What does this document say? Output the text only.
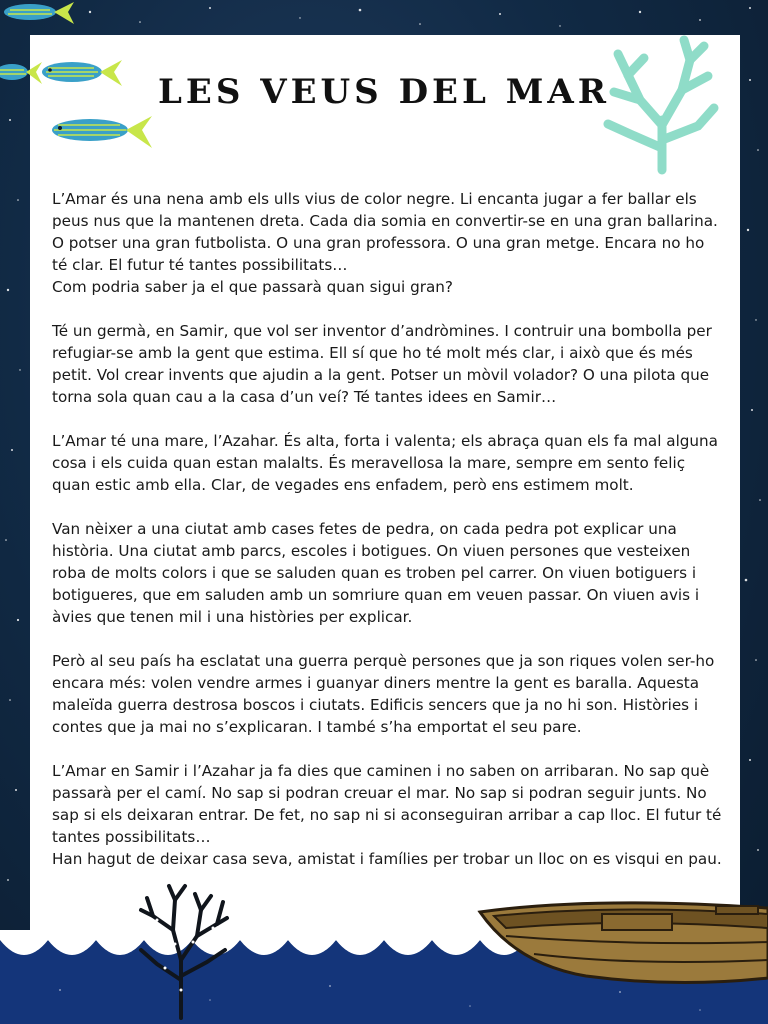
LES VEUS DEL MAR

L’Amar és una nena amb els ulls vius de color negre. Li encanta jugar a fer ballar els peus nus que la mantenen dreta. Cada dia somia en convertir-se en una gran ballarina. O potser una gran futbolista. O una gran professora. O una gran metge. Encara no ho té clar. El futur té tantes possibilitats…
Com podria saber ja el que passarà quan sigui gran?

Té un germà, en Samir, que vol ser inventor d’andròmines. I contruir una bombolla per refugiar-se amb la gent que estima. Ell sí que ho té molt més clar, i això que és més petit. Vol crear invents que ajudin a la gent. Potser un mòvil volador? O una pilota que torna sola quan cau a la casa d’un veí? Té tantes idees en Samir…

L’Amar té una mare, l’Azahar. És alta, forta i valenta; els abraça quan els fa mal alguna cosa i els cuida quan estan malalts. És meravellosa la mare, sempre em sento feliç quan estic amb ella. Clar, de vegades ens enfadem, però ens estimem molt.

Van nèixer a una ciutat amb cases fetes de pedra, on cada pedra pot explicar una història. Una ciutat amb parcs, escoles i botigues. On viuen persones que vesteixen roba de molts colors i que se saluden quan es troben pel carrer. On viuen botiguers i botigueres, que em saluden amb un somriure quan em veuen passar. On viuen avis i àvies que tenen mil i una històries per explicar.

Però al seu país ha esclatat una guerra perquè persones que ja son riques volen ser-ho encara més: volen vendre armes i guanyar diners mentre la gent es baralla. Aquesta maleïda guerra destrosa boscos i ciutats. Edificis sencers que ja no hi son. Històries i contes que ja mai no s’explicaran. I també s’ha emportat el seu pare.

L’Amar en Samir i l’Azahar ja fa dies que caminen i no saben on arribaran. No sap què passarà per el camí. No sap si podran creuar el mar. No sap si podran seguir junts. No sap si els deixaran entrar. De fet, no sap ni si aconseguiran arribar a cap lloc. El futur té tantes possibilitats…
Han hagut de deixar casa seva, amistat i famílies per trobar un lloc on es visqui en pau.
